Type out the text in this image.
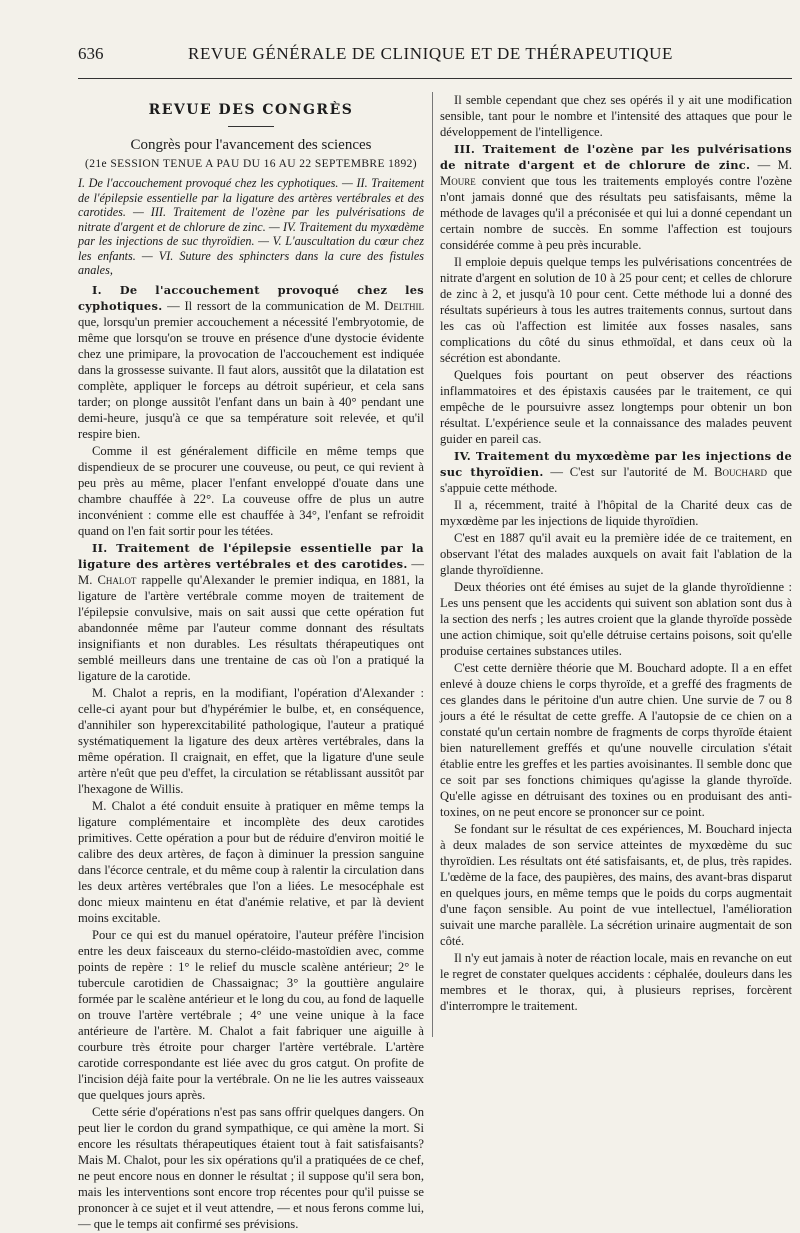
636	REVUE GÉNÉRALE DE CLINIQUE ET DE THÉRAPEUTIQUE
REVUE DES CONGRÈS
Congrès pour l'avancement des sciences
(21e SESSION TENUE A PAU DU 16 AU 22 SEPTEMBRE 1892)
I. De l'accouchement provoqué chez les cyphotiques. — II. Traitement de l'épilepsie essentielle par la ligature des artères vertébrales et des carotides. — III. Traitement de l'ozène par les pulvérisations de nitrate d'argent et de chlorure de zinc. — IV. Traitement du myxœdème par les injections de suc thyroïdien. — V. L'auscultation du cœur chez les enfants. — VI. Suture des sphincters dans la cure des fistules anales,

I. De l'accouchement provoqué chez les cyphotiques. — Il ressort de la communication de M. Delthil que, lorsqu'un premier accouchement a nécessité l'embryotomie, de même que lorsqu'on se trouve en présence d'une dystocie évidente chez une primipare, la provocation de l'accouchement est indiquée dans la grossesse suivante. Il faut alors, aussitôt que la dilatation est complète, appliquer le forceps au détroit supérieur, et cela sans tarder; on plonge aussitôt l'enfant dans un bain à 40° pendant une demi-heure, jusqu'à ce que sa température soit relevée, et qu'il respire bien.

Comme il est généralement difficile en même temps que dispendieux de se procurer une couveuse, ou peut, ce qui revient à peu près au même, placer l'enfant enveloppé d'ouate dans une chambre chauffée à 22°. La couveuse offre de plus un autre inconvénient : comme elle est chauffée à 34°, l'enfant se refroidit quand on l'en fait sortir pour les tétées.

II. Traitement de l'épilepsie essentielle par la ligature des artères vertébrales et des carotides. — M. Chalot rappelle qu'Alexander le premier indiqua, en 1881, la ligature de l'artère vertébrale comme moyen de traitement de l'épilepsie convulsive, mais on sait aussi que cette opération fut abandonnée même par l'auteur comme donnant des résultats insignifiants et non durables. Les résultats thérapeutiques ont semblé meilleurs dans une trentaine de cas où l'on a pratiqué la ligature de la carotide.

M. Chalot a repris, en la modifiant, l'opération d'Alexander : celle-ci ayant pour but d'hypérémier le bulbe, et, en conséquence, d'annihiler son hyperexcitabilité pathologique, l'auteur a pratiqué systématiquement la ligature des deux artères vertébrales, dans la même opération. Il craignait, en effet, que la ligature d'une seule artère n'eût que peu d'effet, la circulation se rétablissant aussitôt par l'hexagone de Willis.

M. Chalot a été conduit ensuite à pratiquer en même temps la ligature complémentaire et incomplète des deux carotides primitives. Cette opération a pour but de réduire d'environ moitié le calibre des deux artères, de façon à diminuer la pression sanguine dans l'écorce centrale, et du même coup à ralentir la circulation dans les deux artères vertébrales que l'on a liées. Le mesocéphale est donc mieux maintenu en état d'anémie relative, et par là devient moins excitable.

Pour ce qui est du manuel opératoire, l'auteur préfère l'incision entre les deux faisceaux du sterno-cléido-mastoïdien avec, comme points de repère : 1° le relief du muscle scalène antérieur; 2° le tubercule carotidien de Chassaignac; 3° la gouttière angulaire formée par le scalène antérieur et le long du cou, au fond de laquelle on trouve l'artère vertébrale ; 4° une veine unique à la face antérieure de l'artère. M. Chalot a fait fabriquer une aiguille à courbure très étroite pour charger l'artère vertébrale. L'artère carotide correspondante est liée avec du gros catgut. On profite de l'incision déjà faite pour la vertébrale. On ne lie les autres vaisseaux que quelques jours après.

Cette série d'opérations n'est pas sans offrir quelques dangers. On peut lier le cordon du grand sympathique, ce qui amène la mort. Si encore les résultats thérapeutiques étaient tout à fait satisfaisants? Mais M. Chalot, pour les six opérations qu'il a pratiquées de ce chef, ne peut encore nous en donner le résultat ; il suppose qu'il sera bon, mais les interventions sont encore trop récentes pour qu'il puisse se prononcer à ce sujet et il veut attendre, — et nous ferons comme lui, — que le temps ait confirmé ses prévisions.

Il semble cependant que chez ses opérés il y ait une modification sensible, tant pour le nombre et l'intensité des attaques que pour le développement de l'intelligence.

III. Traitement de l'ozène par les pulvérisations de nitrate d'argent et de chlorure de zinc. — M. Moure convient que tous les traitements employés contre l'ozène n'ont jamais donné que des résultats peu satisfaisants, même la méthode de lavages qu'il a préconisée et qui lui a donné cependant un certain nombre de succès. En somme l'affection est toujours considérée comme à peu près incurable.

Il emploie depuis quelque temps les pulvérisations concentrées de nitrate d'argent en solution de 10 à 25 pour cent; et celles de chlorure de zinc à 2, et jusqu'à 10 pour cent. Cette méthode lui a donné des résultats supérieurs à tous les autres traitements connus, surtout dans les cas où l'affection est limitée aux fosses nasales, sans complications du côté du sinus ethmoïdal, et dans ceux où la sécrétion est abondante.

Quelques fois pourtant on peut observer des réactions inflammatoires et des épistaxis causées par le traitement, ce qui empêche de le poursuivre assez longtemps pour obtenir un bon résultat. L'expérience seule et la connaissance des malades peuvent guider en pareil cas.

IV. Traitement du myxœdème par les injections de suc thyroïdien. — C'est sur l'autorité de M. Bouchard que s'appuie cette méthode.

Il a, récemment, traité à l'hôpital de la Charité deux cas de myxœdème par les injections de liquide thyroïdien.

C'est en 1887 qu'il avait eu la première idée de ce traitement, en observant l'état des malades auxquels on avait fait l'ablation de la glande thyroïdienne.

Deux théories ont été émises au sujet de la glande thyroïdienne : Les uns pensent que les accidents qui suivent son ablation sont dus à la section des nerfs ; les autres croient que la glande thyroïde possède une action chimique, soit qu'elle détruise certains poisons, soit qu'elle produise certaines substances utiles.

C'est cette dernière théorie que M. Bouchard adopte. Il a en effet enlevé à douze chiens le corps thyroïde, et a greffé des fragments de ces glandes dans le péritoine d'un autre chien. Une survie de 7 ou 8 jours a été le résultat de cette greffe. A l'autopsie de ce chien on a constaté qu'un certain nombre de fragments de corps thyroïde étaient bien naturellement greffés et qu'une nouvelle circulation s'était établie entre les greffes et les parties avoisinantes. Il semble donc que ce soit par ses fonctions chimiques qu'agisse la glande thyroïde. Qu'elle agisse en détruisant des toxines ou en produisant des anti-toxines, on ne peut encore se prononcer sur ce point.

Se fondant sur le résultat de ces expériences, M. Bouchard injecta à deux malades de son service atteintes de myxœdème du suc thyroïdien. Les résultats ont été satisfaisants, et, de plus, très rapides. L'œdème de la face, des paupières, des mains, des avant-bras disparut en quelques jours, en même temps que le poids du corps augmentait d'une façon sensible. Au point de vue intellectuel, l'amélioration suivait une marche parallèle. La sécrétion urinaire augmentait de son côté.

Il n'y eut jamais à noter de réaction locale, mais en revanche on eut le regret de constater quelques accidents : céphalée, douleurs dans les membres et le thorax, qui, à plusieurs reprises, forcèrent d'interrompre le traitement.
